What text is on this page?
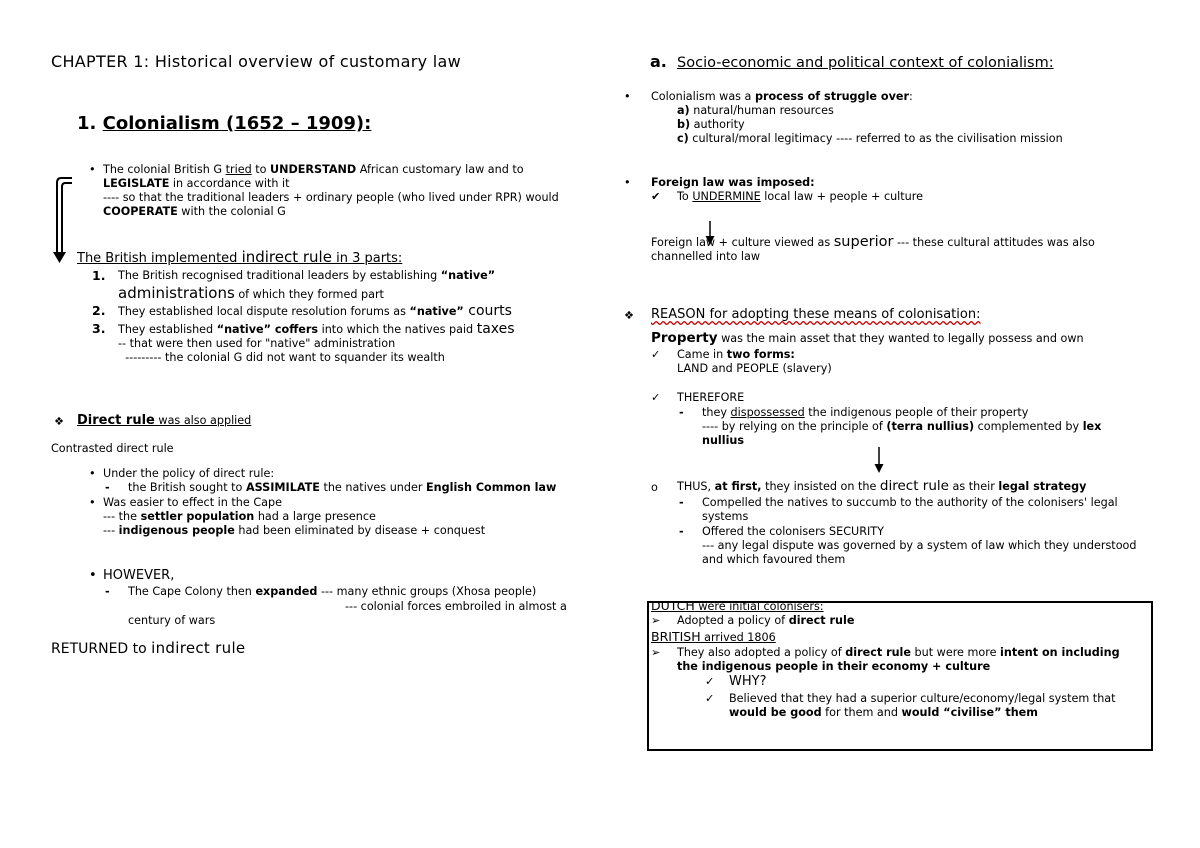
CHAPTER 1: Historical overview of customary law
1. Colonialism (1652 – 1909):
• The colonial British G tried to UNDERSTAND African customary law and to
LEGISLATE in accordance with it
---- so that the traditional leaders + ordinary people (who lived under RPR) would
COOPERATE with the colonial G
The British implemented indirect rule in 3 parts:
1. The British recognised traditional leaders by establishing “native”
administrations of which they formed part
2. They established local dispute resolution forums as “native” courts
3. They established “native” coffers into which the natives paid taxes
-- that were then used for "native" administration
--------- the colonial G did not want to squander its wealth
❖ Direct rule was also applied
Contrasted direct rule
• Under the policy of direct rule:
- the British sought to ASSIMILATE the natives under English Common law
• Was easier to effect in the Cape
--- the settler population had a large presence
--- indigenous people had been eliminated by disease + conquest
• HOWEVER,
- The Cape Colony then expanded --- many ethnic groups (Xhosa people)
--- colonial forces embroiled in almost a
century of wars
RETURNED to indirect rule
a. Socio-economic and political context of colonialism:
• Colonialism was a process of struggle over:
a) natural/human resources
b) authority
c) cultural/moral legitimacy ---- referred to as the civilisation mission
• Foreign law was imposed:
✔ To UNDERMINE local law + people + culture
Foreign law + culture viewed as superior --- these cultural attitudes was also
channelled into law
❖ REASON for adopting these means of colonisation:
Property was the main asset that they wanted to legally possess and own
✓ Came in two forms:
LAND and PEOPLE (slavery)
✓ THEREFORE
- they dispossessed the indigenous people of their property
---- by relying on the principle of (terra nullius) complemented by lex
nullius
o THUS, at first, they insisted on the direct rule as their legal strategy
- Compelled the natives to succumb to the authority of the colonisers' legal
systems
- Offered the colonisers SECURITY
--- any legal dispute was governed by a system of law which they understood
and which favoured them
DUTCH were initial colonisers:
➢ Adopted a policy of direct rule
BRITISH arrived 1806
➢ They also adopted a policy of direct rule but were more intent on including
the indigenous people in their economy + culture
✓ WHY?
✓ Believed that they had a superior culture/economy/legal system that
would be good for them and would “civilise” them
